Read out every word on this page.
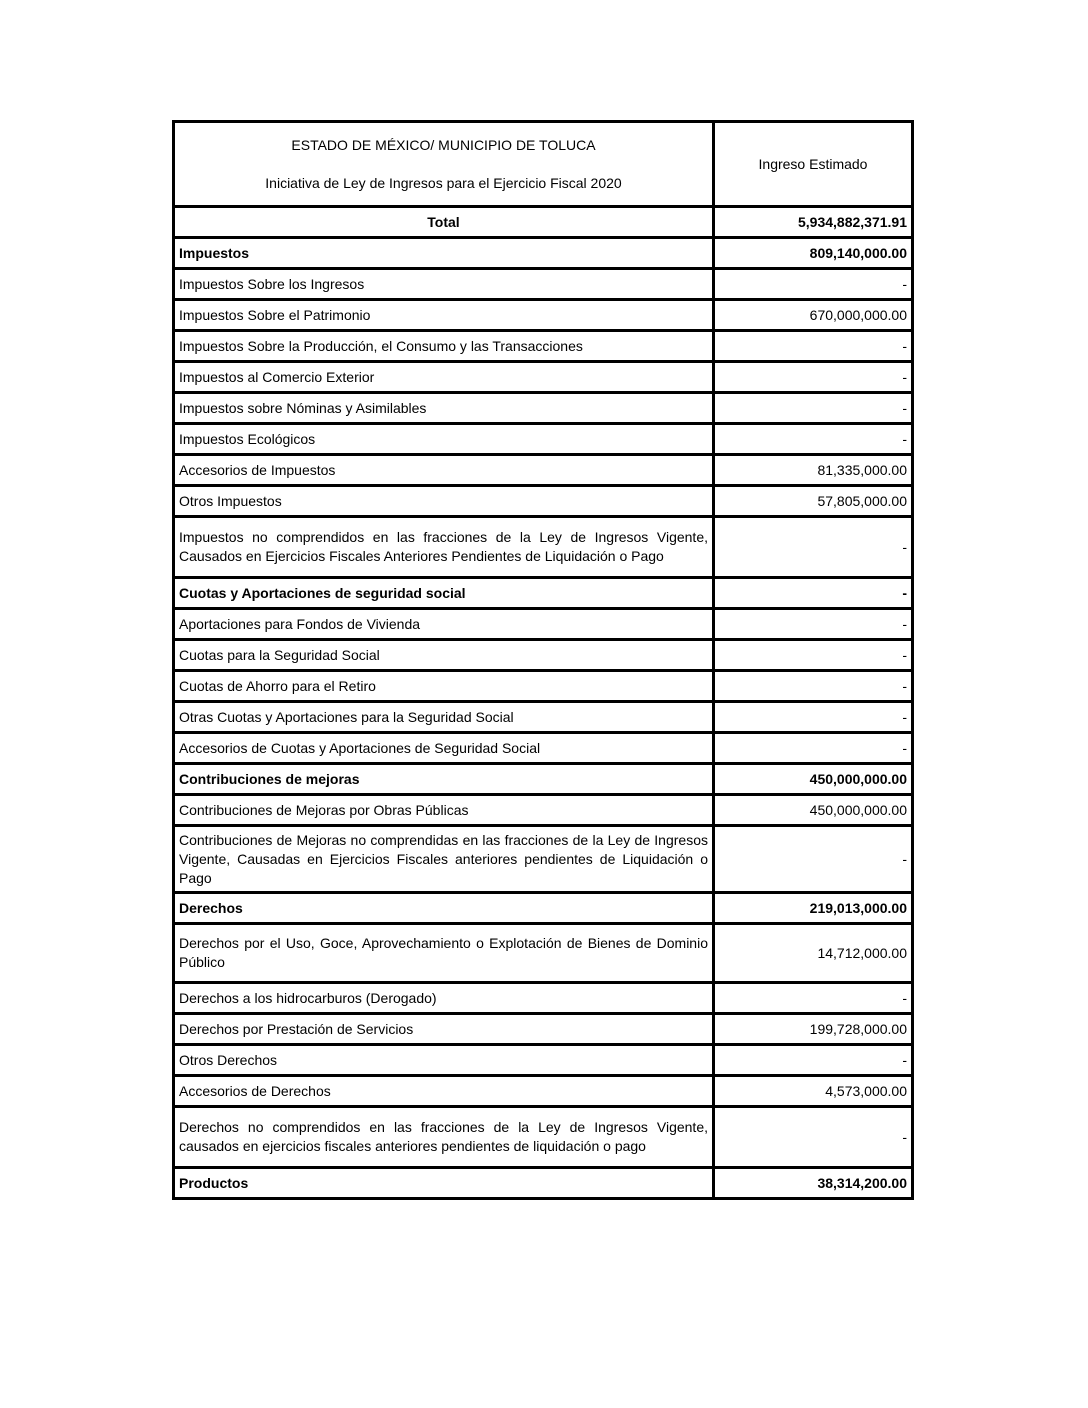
ESTADO DE MÉXICO/ MUNICIPIO DE TOLUCA
Iniciativa de Ley de Ingresos para el Ejercicio Fiscal 2020	Ingreso Estimado
Total	5,934,882,371.91
Impuestos	809,140,000.00
Impuestos Sobre los Ingresos	-
Impuestos Sobre el Patrimonio	670,000,000.00
Impuestos Sobre la Producción, el Consumo y las Transacciones	-
Impuestos al Comercio Exterior	-
Impuestos sobre Nóminas y Asimilables	-
Impuestos Ecológicos	-
Accesorios de Impuestos	81,335,000.00
Otros Impuestos	57,805,000.00
Impuestos no comprendidos en las fracciones de la Ley de Ingresos Vigente, Causados en Ejercicios Fiscales Anteriores Pendientes de Liquidación o Pago	-
Cuotas y Aportaciones de seguridad social	-
Aportaciones para Fondos de Vivienda	-
Cuotas para la Seguridad Social	-
Cuotas de Ahorro para el Retiro	-
Otras Cuotas y Aportaciones para la Seguridad Social	-
Accesorios de Cuotas y Aportaciones de Seguridad Social	-
Contribuciones de mejoras	450,000,000.00
Contribuciones de Mejoras por Obras Públicas	450,000,000.00
Contribuciones de Mejoras no comprendidas en las fracciones de la Ley de Ingresos Vigente, Causadas en Ejercicios Fiscales anteriores pendientes de Liquidación o Pago	-
Derechos	219,013,000.00
Derechos por el Uso, Goce, Aprovechamiento o Explotación de Bienes de Dominio Público	14,712,000.00
Derechos a los hidrocarburos (Derogado)	-
Derechos por Prestación de Servicios	199,728,000.00
Otros Derechos	-
Accesorios de Derechos	4,573,000.00
Derechos no comprendidos en las fracciones de la Ley de Ingresos Vigente, causados en ejercicios fiscales anteriores pendientes de liquidación o pago	-
Productos	38,314,200.00
